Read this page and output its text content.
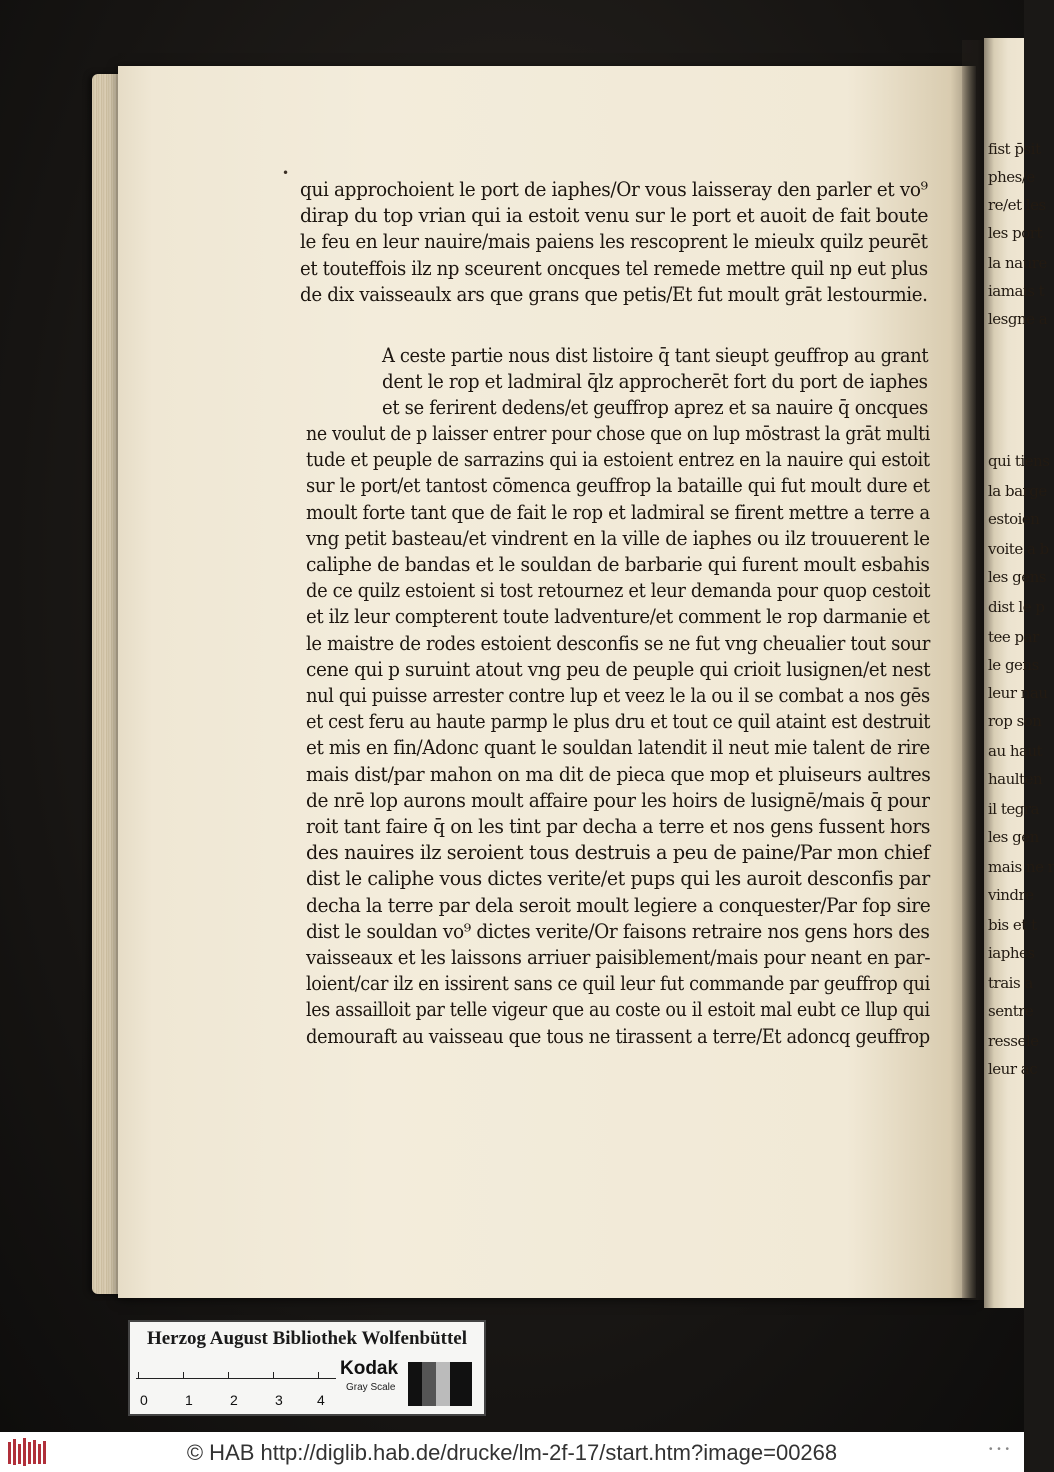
fist p̄sit
phes/e
re/et les
les port
la naure
iamais t
lesgne a
qui tiens
la barge
estoien
voite a b
les gens
dist le p
tee par
le gens
leur nau
rop son
au haut
haulten
il tegra
les gen
mais ne r
vindre
bis et t
iaphes
trais a
sentre
ressele
leur ac
•
qui approchoient le port de iaphes/Or vous laisseray den parler et vo⁹
dirap du top vrian qui ia estoit venu sur le port et auoit de fait boute
le feu en leur nauire/mais paiens les rescoprent le mieulx quilz peurēt
et touteffois ilz np sceurent oncques tel remede mettre quil np eut plus
de dix vaisseaulx ars que grans que petis/Et fut moult grāt lestourmie.
A ceste partie nous dist listoire q̄ tant sieupt geuffrop au grant
dent le rop et ladmiral q̄lz approcherēt fort du port de iaphes
et se ferirent dedens/et geuffrop aprez et sa nauire q̄ oncques
ne voulut de p laisser entrer pour chose que on lup mōstrast la grāt multi
tude et peuple de sarrazins qui ia estoient entrez en la nauire qui estoit
sur le port/et tantost cōmenca geuffrop la bataille qui fut moult dure et
moult forte tant que de fait le rop et ladmiral se firent mettre a terre a
vng petit basteau/et vindrent en la ville de iaphes ou ilz trouuerent le
caliphe de bandas et le souldan de barbarie qui furent moult esbahis
de ce quilz estoient si tost retournez et leur demanda pour quop cestoit
et ilz leur compterent toute ladventure/et comment le rop darmanie et
le maistre de rodes estoient desconfis se ne fut vng cheualier tout sour
cene qui p suruint atout vng peu de peuple qui crioit lusignen/et nest
nul qui puisse arrester contre lup et veez le la ou il se combat a nos gēs
et cest feru au haute parmp le plus dru et tout ce quil ataint est destruit
et mis en fin/Adonc quant le souldan latendit il neut mie talent de rire
mais dist/par mahon on ma dit de pieca que mop et pluiseurs aultres
de nrē lop aurons moult affaire pour les hoirs de lusignē/mais q̄ pour
roit tant faire q̄ on les tint par decha a terre et nos gens fussent hors
des nauires ilz seroient tous destruis a peu de paine/Par mon chief
dist le caliphe vous dictes verite/et pups qui les auroit desconfis par
decha la terre par dela seroit moult legiere a conquester/Par fop sire
dist le souldan vo⁹ dictes verite/Or faisons retraire nos gens hors des
vaisseaux et les laissons arriuer paisiblement/mais pour neant en par-
loient/car ilz en issirent sans ce quil leur fut commande par geuffrop qui
les assailloit par telle vigeur que au coste ou il estoit mal eubt ce llup qui
demouraft au vaisseau que tous ne tirassent a terre/Et adoncq geuffrop
Herzog August Bibliothek Wolfenbüttel
0	1	2	3 4
Kodak
Gray Scale
© HAB http://diglib.hab.de/drucke/lm-2f-17/start.htm?image=00268	• • •
